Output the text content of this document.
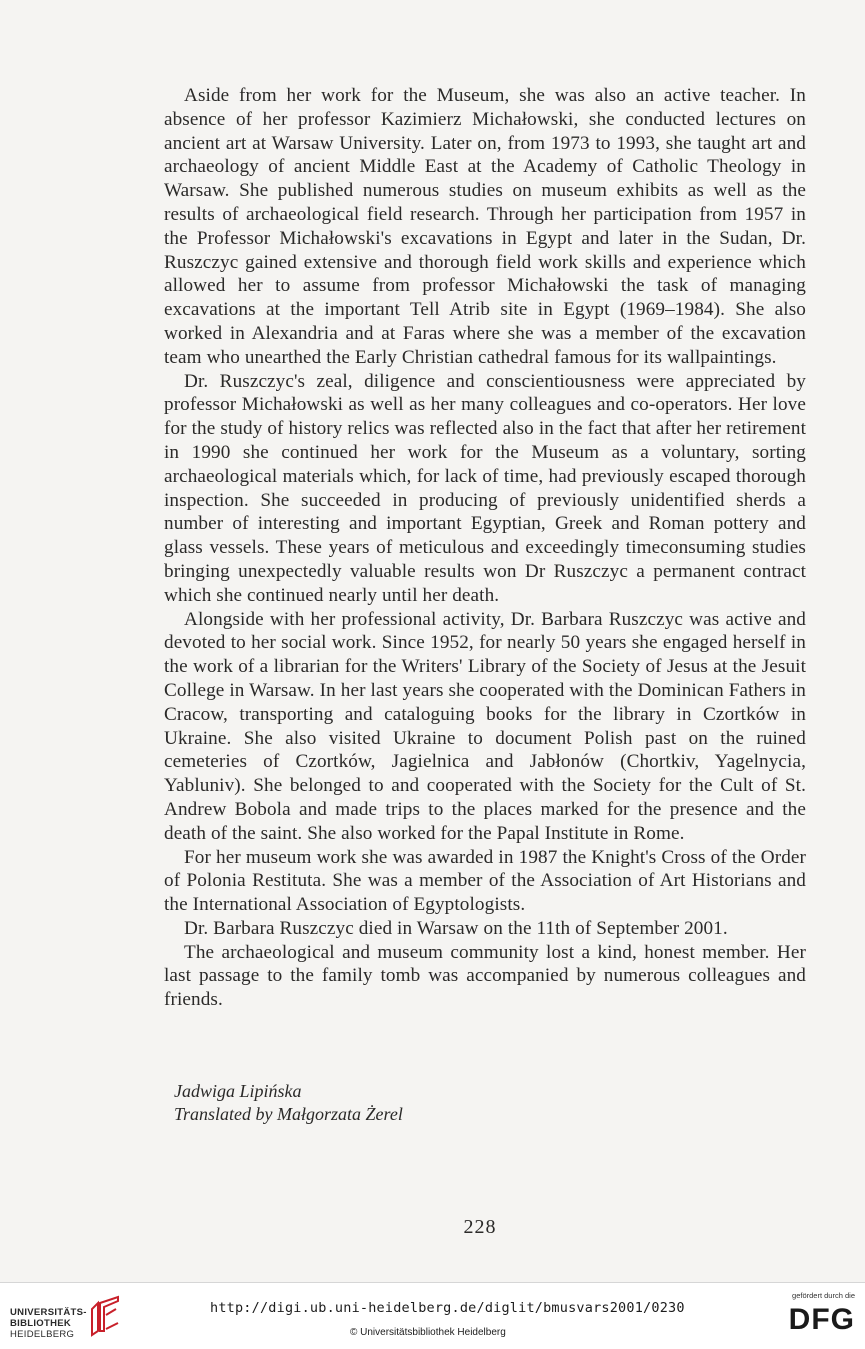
Aside from her work for the Museum, she was also an active teacher. In absence of her professor Kazimierz Michałowski, she conducted lectures on ancient art at Warsaw University. Later on, from 1973 to 1993, she taught art and archaeology of ancient Middle East at the Academy of Catholic Theology in Warsaw. She published numerous studies on museum exhibits as well as the results of archaeological field research. Through her participation from 1957 in the Professor Michałowski's excavations in Egypt and later in the Sudan, Dr. Ruszczyc gained extensive and thorough field work skills and experience which allowed her to assume from professor Michałowski the task of managing excavations at the important Tell Atrib site in Egypt (1969–1984). She also worked in Alexandria and at Faras where she was a member of the excavation team who unearthed the Early Christian cathedral famous for its wallpaintings.

Dr. Ruszczyc's zeal, diligence and conscientiousness were appreciated by professor Michałowski as well as her many colleagues and co-operators. Her love for the study of history relics was reflected also in the fact that after her retirement in 1990 she continued her work for the Museum as a voluntary, sorting archaeological materials which, for lack of time, had previously escaped thorough inspection. She succeeded in producing of previously unidentified sherds a number of interesting and important Egyptian, Greek and Roman pottery and glass vessels. These years of meticulous and exceedingly timeconsuming studies bringing unexpectedly valuable results won Dr Ruszczyc a permanent contract which she continued nearly until her death.

Alongside with her professional activity, Dr. Barbara Ruszczyc was active and devoted to her social work. Since 1952, for nearly 50 years she engaged herself in the work of a librarian for the Writers' Library of the Society of Jesus at the Jesuit College in Warsaw. In her last years she cooperated with the Dominican Fathers in Cracow, transporting and cataloguing books for the library in Czortków in Ukraine. She also visited Ukraine to document Polish past on the ruined cemeteries of Czortków, Jagielnica and Jabłonów (Chortkiv, Yagelnycia, Yabluniv). She belonged to and cooperated with the Society for the Cult of St. Andrew Bobola and made trips to the places marked for the presence and the death of the saint. She also worked for the Papal Institute in Rome.

For her museum work she was awarded in 1987 the Knight's Cross of the Order of Polonia Restituta. She was a member of the Association of Art Historians and the International Association of Egyptologists.

Dr. Barbara Ruszczyc died in Warsaw on the 11th of September 2001.

The archaeological and museum community lost a kind, honest member. Her last passage to the family tomb was accompanied by numerous colleagues and friends.

Jadwiga Lipińska
Translated by Małgorzata Żerel
228
UNIVERSITÄTS-
BIBLIOTHEK
HEIDELBERG
http://digi.ub.uni-heidelberg.de/diglit/bmusvars2001/0230
© Universitätsbibliothek Heidelberg
gefördert durch die
DFG
